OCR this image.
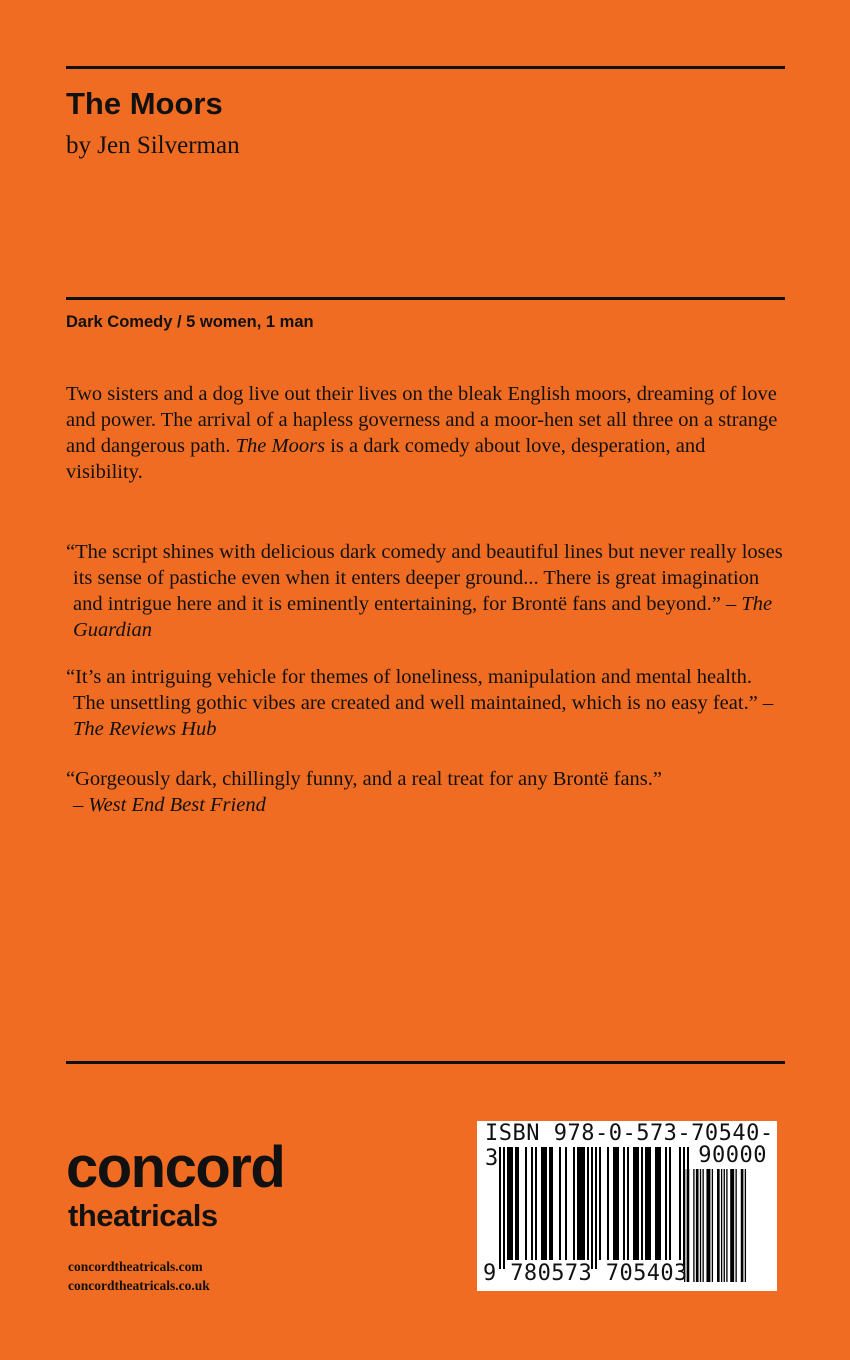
The Moors
by Jen Silverman
Dark Comedy / 5 women, 1 man

Two sisters and a dog live out their lives on the bleak English moors, dreaming of love and power. The arrival of a hapless governess and a moor-hen set all three on a strange and dangerous path. The Moors is a dark comedy about love, desperation, and visibility.

“The script shines with delicious dark comedy and beautiful lines but never really loses its sense of pastiche even when it enters deeper ground... There is great imagination and intrigue here and it is eminently entertaining, for Brontë fans and beyond.” – The Guardian

“It’s an intriguing vehicle for themes of loneliness, manipulation and mental health. The unsettling gothic vibes are created and well maintained, which is no easy feat.” – The Reviews Hub

“Gorgeously dark, chillingly funny, and a real treat for any Brontë fans.”
– West End Best Friend

concord
theatricals
concordtheatricals.com
concordtheatricals.co.uk
ISBN 978-0-573-70540-3	90000
9 780573 705403
